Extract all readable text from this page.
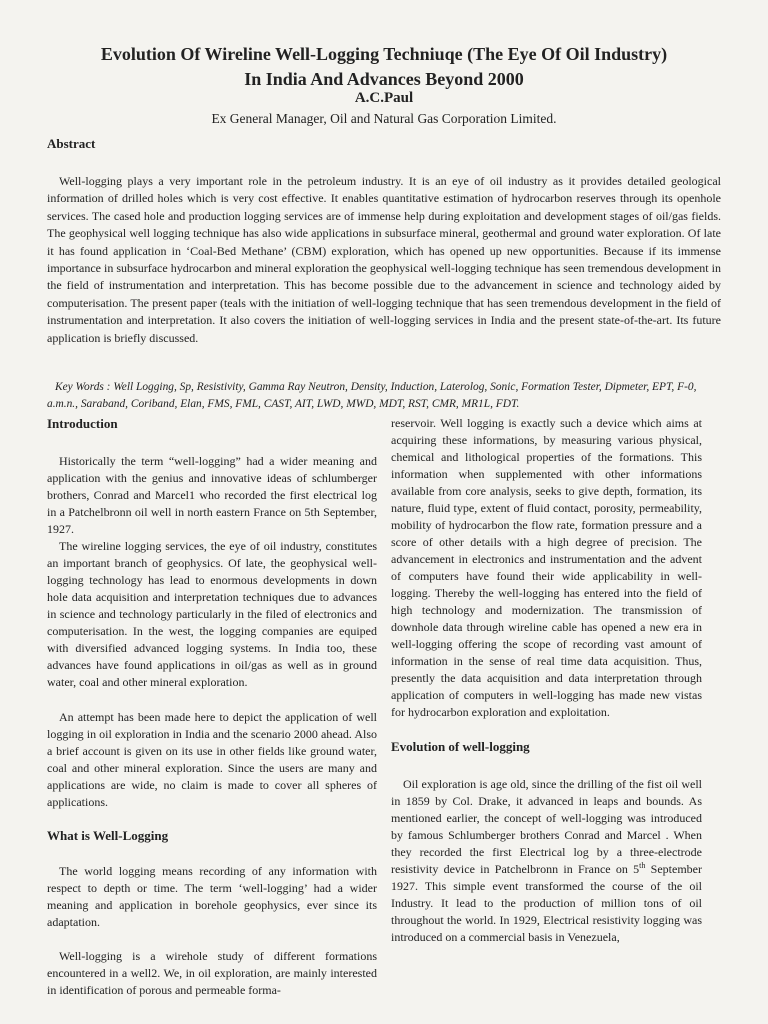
Evolution Of Wireline Well-Logging Techniuqe (The Eye Of Oil Industry)
In India And Advances Beyond 2000
A.C.Paul
Ex General Manager, Oil and Natural Gas Corporation Limited.
Abstract

Well-logging plays a very important role in the petroleum industry. It is an eye of oil industry as it provides detailed geological information of drilled holes which is very cost effective. It enables quantitative estimation of hydrocarbon reserves through its openhole services. The cased hole and production logging services are of immense help during exploitation and development stages of oil/gas fields. The geophysical well logging technique has also wide applications in subsurface mineral, geothermal and ground water exploration. Of late it has found application in ‘Coal-Bed Methane’ (CBM) exploration, which has opened up new opportunities. Because if its immense importance in subsurface hydrocarbon and mineral exploration the geophysical well-logging technique has seen tremendous development in the field of instrumentation and interpretation. This has become possible due to the advancement in science and technology aided by computerisation. The present paper (teals with the initiation of well-logging technique that has seen tremendous development in the field of instrumentation and interpretation. It also covers the initiation of well-logging services in India and the present state-of-the-art. Its future application is briefly discussed.

Key Words : Well Logging, Sp, Resistivity, Gamma Ray Neutron, Density, Induction, Laterolog, Sonic, Formation Tester, Dipmeter, EPT, F-0, a.m.n., Saraband, Coriband, Elan, FMS, FML, CAST, AIT, LWD, MWD, MDT, RST, CMR, MR1L, FDT.

Introduction

Historically the term “well-logging” had a wider meaning and application with the genius and innovative ideas of schlumberger brothers, Conrad and Marcel1 who recorded the first electrical log in a Patchelbronn oil well in north eastern France on 5th September, 1927.

The wireline logging services, the eye of oil industry, constitutes an important branch of geophysics. Of late, the geophysical well-logging technology has lead to enormous developments in down hole data acquisition and interpretation techniques due to advances in science and technology particularly in the filed of electronics and computerisation. In the west, the logging companies are equiped with diversified advanced logging systems. In India too, these advances have found applications in oil/gas as well as in ground water, coal and other mineral exploration.

An attempt has been made here to depict the application of well logging in oil exploration in India and the scenario 2000 ahead. Also a brief account is given on its use in other fields like ground water, coal and other mineral exploration. Since the users are many and applications are wide, no claim is made to cover all spheres of applications.

What is Well-Logging

The world logging means recording of any information with respect to depth or time. The term ‘well-logging’ had a wider meaning and application in borehole geophysics, ever since its adaptation.

Well-logging is a wirehole study of different formations encountered in a well2. We, in oil exploration, are mainly interested in identification of porous and permeable forma-

reservoir. Well logging is exactly such a device which aims at acquiring these informations, by measuring various physical, chemical and lithological properties of the formations. This information when supplemented with other informations available from core analysis, seeks to give depth, formation, its nature, fluid type, extent of fluid contact, porosity, permeability, mobility of hydrocarbon the flow rate, formation pressure and a score of other details with a high degree of precision. The advancement in electronics and instrumentation and the advent of computers have found their wide applicability in well-logging. Thereby the well-logging has entered into the field of high technology and modernization. The transmission of downhole data through wireline cable has opened a new era in well-logging offering the scope of recording vast amount of information in the sense of real time data acquisition. Thus, presently the data acquisition and data interpretation through application of computers in well-logging has made new vistas for hydrocarbon exploration and exploitation.

Evolution of well-logging

Oil exploration is age old, since the drilling of the fist oil well in 1859 by Col. Drake, it advanced in leaps and bounds. As mentioned earlier, the concept of well-logging was introduced by famous Schlumberger brothers Conrad and Marcel . When they recorded the first Electrical log by a three-electrode resistivity device in Patchelbronn in France on 5th September 1927. This simple event transformed the course of the oil Industry. It lead to the production of million tons of oil throughout the world. In 1929, Electrical resistivity logging was introduced on a commercial basis in Venezuela,
